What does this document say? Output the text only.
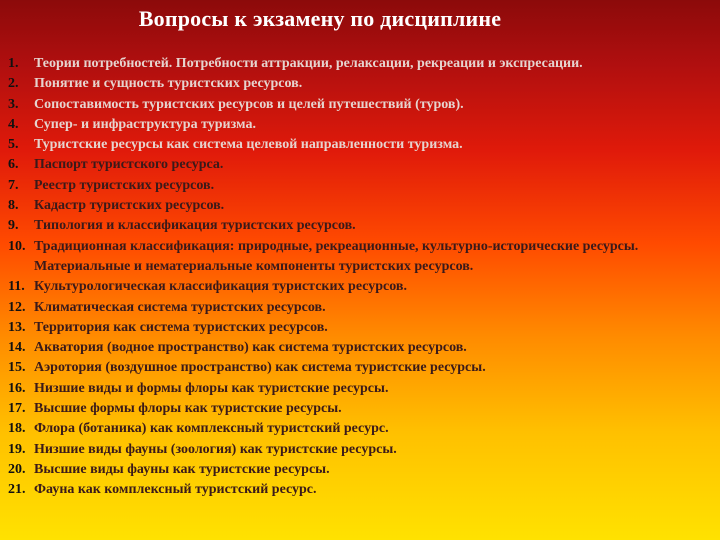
Вопросы к экзамену по дисциплине
1.	Теории потребностей. Потребности аттракции, релаксации, рекреации и экспресации.
2.	Понятие и сущность туристских ресурсов.
3.	Сопоставимость туристских ресурсов и целей путешествий (туров).
4.	Супер- и инфраструктура туризма.
5.	Туристские ресурсы как система целевой направленности туризма.
6.	Паспорт туристского ресурса.
7.	Реестр туристских ресурсов.
8.	Кадастр туристских ресурсов.
9.	Типология и классификация туристских ресурсов.
10. Традиционная классификация: природные, рекреационные, культурно-исторические ресурсы. Материальные и нематериальные компоненты туристских ресурсов.
11. Культурологическая классификация туристских ресурсов.
12. Климатическая система туристских ресурсов.
13. Территория как система туристских ресурсов.
14. Акватория (водное пространство) как система туристских ресурсов.
15. Аэротория (воздушное пространство) как система туристские ресурсы.
16. Низшие виды и формы флоры как туристские ресурсы.
17. Высшие формы флоры как туристские ресурсы.
18. Флора (ботаника) как комплексный туристский ресурс.
19. Низшие виды фауны (зоология) как туристские ресурсы.
20. Высшие виды фауны как туристские ресурсы.
21. Фауна как комплексный туристский ресурс.
